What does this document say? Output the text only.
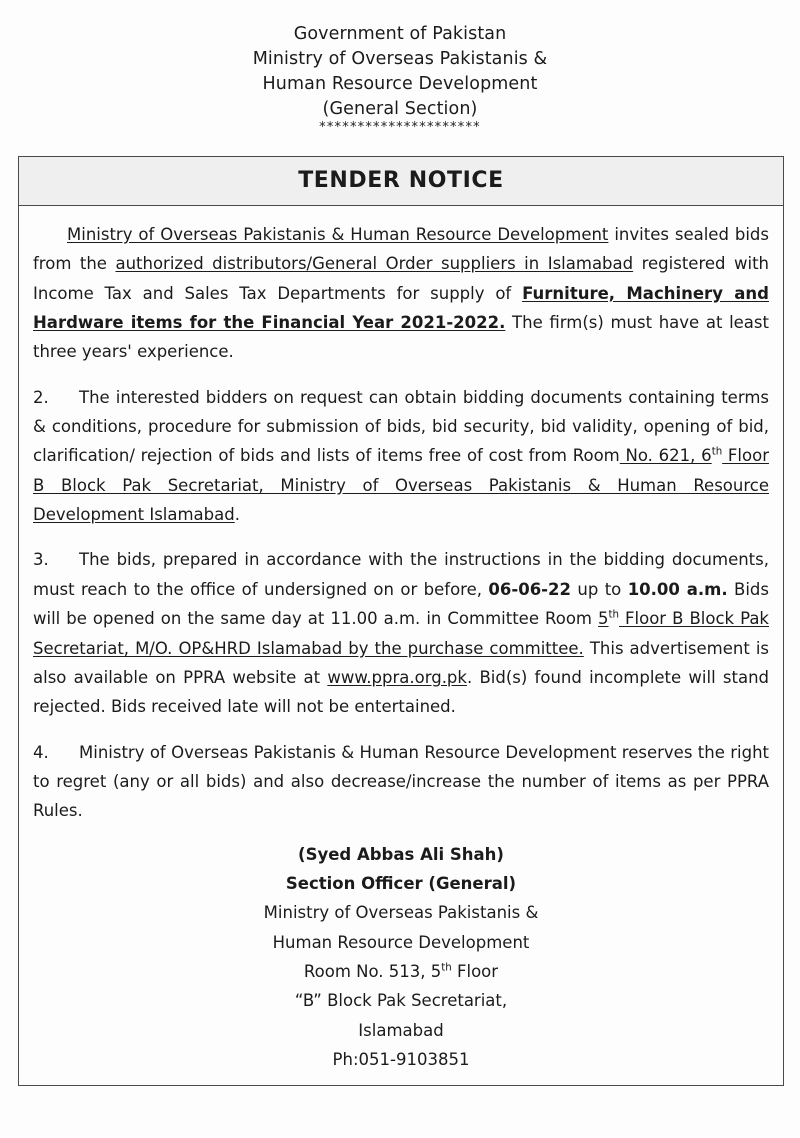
Government of Pakistan
Ministry of Overseas Pakistanis &
Human Resource Development
(General Section)
*********************
TENDER NOTICE

Ministry of Overseas Pakistanis & Human Resource Development invites sealed bids from the authorized distributors/General Order suppliers in Islamabad registered with Income Tax and Sales Tax Departments for supply of Furniture, Machinery and Hardware items for the Financial Year 2021-2022. The firm(s) must have at least three years' experience.

2. The interested bidders on request can obtain bidding documents containing terms & conditions, procedure for submission of bids, bid security, bid validity, opening of bid, clarification/ rejection of bids and lists of items free of cost from Room No. 621, 6th Floor B Block Pak Secretariat, Ministry of Overseas Pakistanis & Human Resource Development Islamabad.

3. The bids, prepared in accordance with the instructions in the bidding documents, must reach to the office of undersigned on or before, 06-06-22 up to 10.00 a.m. Bids will be opened on the same day at 11.00 a.m. in Committee Room 5th Floor B Block Pak Secretariat, M/O. OP&HRD Islamabad by the purchase committee. This advertisement is also available on PPRA website at www.ppra.org.pk. Bid(s) found incomplete will stand rejected. Bids received late will not be entertained.

4. Ministry of Overseas Pakistanis & Human Resource Development reserves the right to regret (any or all bids) and also decrease/increase the number of items as per PPRA Rules.

(Syed Abbas Ali Shah)
Section Officer (General)
Ministry of Overseas Pakistanis &
Human Resource Development
Room No. 513, 5th Floor
“B” Block Pak Secretariat,
Islamabad
Ph:051-9103851
